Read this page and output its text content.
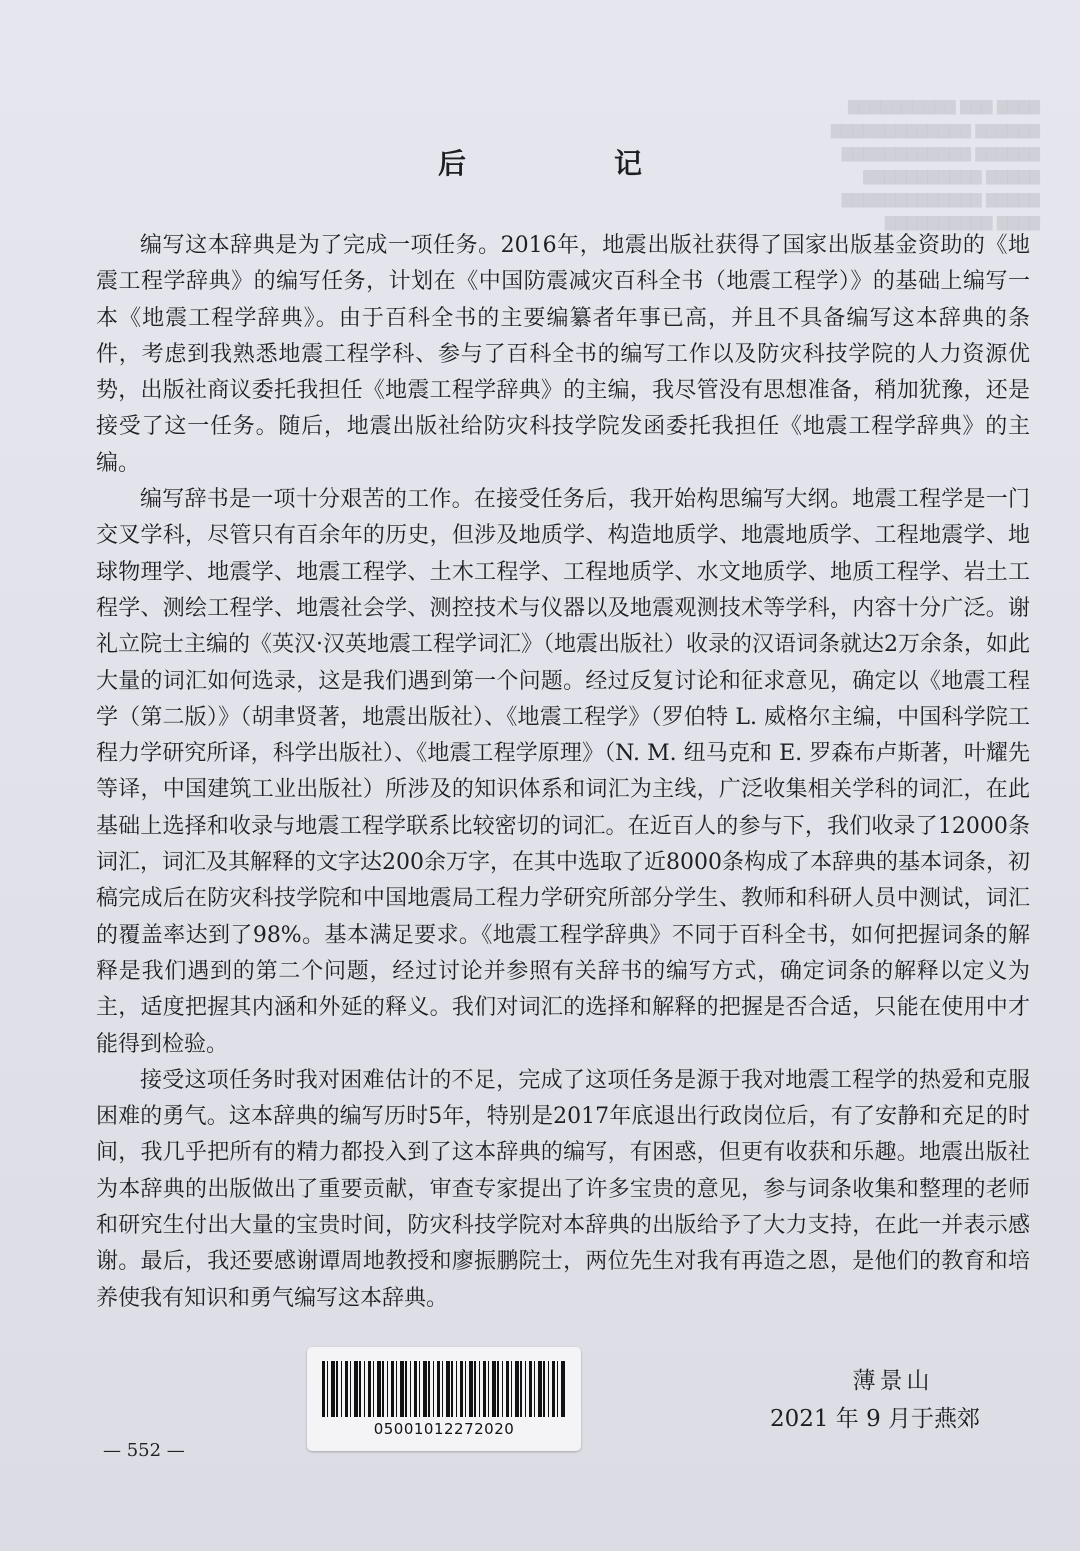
▇▇▇▇ ▇▇▇ ▇▇▇▇▇▇▇▇▇▇
▇▇▇▇▇▇ ▇▇▇▇▇▇▇▇▇▇▇▇▇
▇▇▇▇▇▇ ▇▇▇▇▇▇▇▇▇▇▇▇
▇▇▇▇▇ ▇▇▇▇▇▇▇▇▇▇▇
▇▇▇▇▇ ▇▇▇▇▇▇▇▇▇▇▇▇▇
▇▇▇▇ ▇▇▇▇▇▇▇▇▇▇
后　记

编写这本辞典是为了完成一项任务。2016年，地震出版社获得了国家出版基金资助的《地震工程学辞典》的编写任务，计划在《中国防震减灾百科全书（地震工程学）》的基础上编写一本《地震工程学辞典》。由于百科全书的主要编纂者年事已高，并且不具备编写这本辞典的条件，考虑到我熟悉地震工程学科、参与了百科全书的编写工作以及防灾科技学院的人力资源优势，出版社商议委托我担任《地震工程学辞典》的主编，我尽管没有思想准备，稍加犹豫，还是接受了这一任务。随后，地震出版社给防灾科技学院发函委托我担任《地震工程学辞典》的主编。

编写辞书是一项十分艰苦的工作。在接受任务后，我开始构思编写大纲。地震工程学是一门交叉学科，尽管只有百余年的历史，但涉及地质学、构造地质学、地震地质学、工程地震学、地球物理学、地震学、地震工程学、土木工程学、工程地质学、水文地质学、地质工程学、岩土工程学、测绘工程学、地震社会学、测控技术与仪器以及地震观测技术等学科，内容十分广泛。谢礼立院士主编的《英汉·汉英地震工程学词汇》（地震出版社）收录的汉语词条就达2万余条，如此大量的词汇如何选录，这是我们遇到第一个问题。经过反复讨论和征求意见，确定以《地震工程学（第二版）》（胡聿贤著，地震出版社）、《地震工程学》（罗伯特 L. 威格尔主编，中国科学院工程力学研究所译，科学出版社）、《地震工程学原理》（N. M. 纽马克和 E. 罗森布卢斯著，叶耀先等译，中国建筑工业出版社）所涉及的知识体系和词汇为主线，广泛收集相关学科的词汇，在此基础上选择和收录与地震工程学联系比较密切的词汇。在近百人的参与下，我们收录了12000条词汇，词汇及其解释的文字达200余万字，在其中选取了近8000条构成了本辞典的基本词条，初稿完成后在防灾科技学院和中国地震局工程力学研究所部分学生、教师和科研人员中测试，词汇的覆盖率达到了98%。基本满足要求。《地震工程学辞典》不同于百科全书，如何把握词条的解释是我们遇到的第二个问题，经过讨论并参照有关辞书的编写方式，确定词条的解释以定义为主，适度把握其内涵和外延的释义。我们对词汇的选择和解释的把握是否合适，只能在使用中才能得到检验。

接受这项任务时我对困难估计的不足，完成了这项任务是源于我对地震工程学的热爱和克服困难的勇气。这本辞典的编写历时5年，特别是2017年底退出行政岗位后，有了安静和充足的时间，我几乎把所有的精力都投入到了这本辞典的编写，有困惑，但更有收获和乐趣。地震出版社为本辞典的出版做出了重要贡献，审查专家提出了许多宝贵的意见，参与词条收集和整理的老师和研究生付出大量的宝贵时间，防灾科技学院对本辞典的出版给予了大力支持，在此一并表示感谢。最后，我还要感谢谭周地教授和廖振鹏院士，两位先生对我有再造之恩，是他们的教育和培养使我有知识和勇气编写这本辞典。

05001012272020
薄景山
2021 年 9 月于燕郊
— 552 —
